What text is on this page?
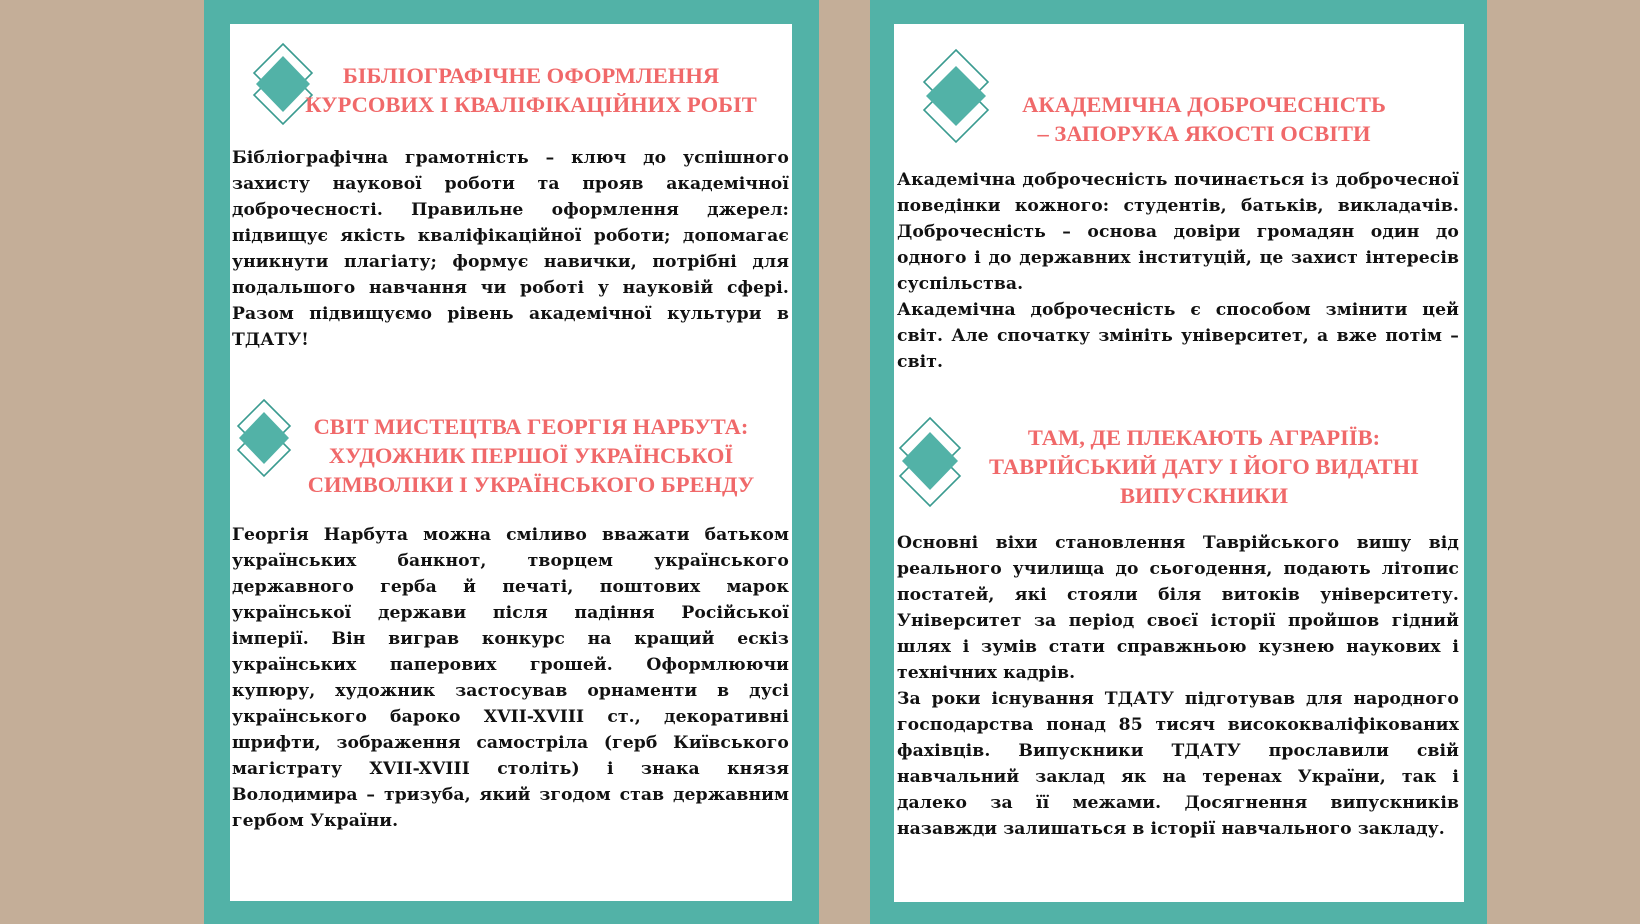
БІБЛІОГРАФІЧНЕ ОФОРМЛЕННЯ
КУРСОВИХ І КВАЛІФІКАЦІЙНИХ РОБІТ

Бібліографічна грамотність – ключ до успішного захисту наукової роботи та прояв академічної доброчесності. Правильне оформлення джерел: підвищує якість кваліфікаційної роботи; допомагає уникнути плагіату; формує навички, потрібні для подальшого навчання чи роботі у науковій сфері. Разом підвищуємо рівень академічної культури в ТДАТУ!

СВІТ МИСТЕЦТВА ГЕОРГІЯ НАРБУТА:
ХУДОЖНИК ПЕРШОЇ УКРАЇНСЬКОЇ
СИМВОЛІКИ І УКРАЇНСЬКОГО БРЕНДУ

Георгія Нарбута можна сміливо вважати батьком українських банкнот, творцем українського державного герба й печаті, поштових марок української держави після падіння Російської імперії. Він виграв конкурс на кращий ескіз українських паперових грошей. Оформлюючи купюру, художник застосував орнаменти в дусі українського бароко XVII-XVIII ст., декоративні шрифти, зображення самостріла (герб Київського магістрату XVII-XVIII століть) і знака князя Володимира – тризуба, який згодом став державним гербом України.

АКАДЕМІЧНА ДОБРОЧЕСНІСТЬ
– ЗАПОРУКА ЯКОСТІ ОСВІТИ

Академічна доброчесність починається із доброчесної поведінки кожного: студентів, батьків, викладачів. Доброчесність – основа довіри громадян один до одного і до державних інституцій, це захист інтересів суспільства.

Академічна доброчесність є способом змінити цей світ. Але спочатку змініть університет, а вже потім – світ.

ТАМ, ДЕ ПЛЕКАЮТЬ АГРАРІЇВ:
ТАВРІЙСЬКИЙ ДАТУ І ЙОГО ВИДАТНІ
ВИПУСКНИКИ

Основні віхи становлення Таврійського вишу від реального училища до сьогодення, подають літопис постатей, які стояли біля витоків університету. Університет за період своєї історії пройшов гідний шлях і зумів стати справжньою кузнею наукових і технічних кадрів.

За роки існування ТДАТУ підготував для народного господарства понад 85 тисяч висококваліфікованих фахівців. Випускники ТДАТУ прославили свій навчальний заклад як на теренах України, так і далеко за її межами. Досягнення випускників назавжди залишаться в історії навчального закладу.
